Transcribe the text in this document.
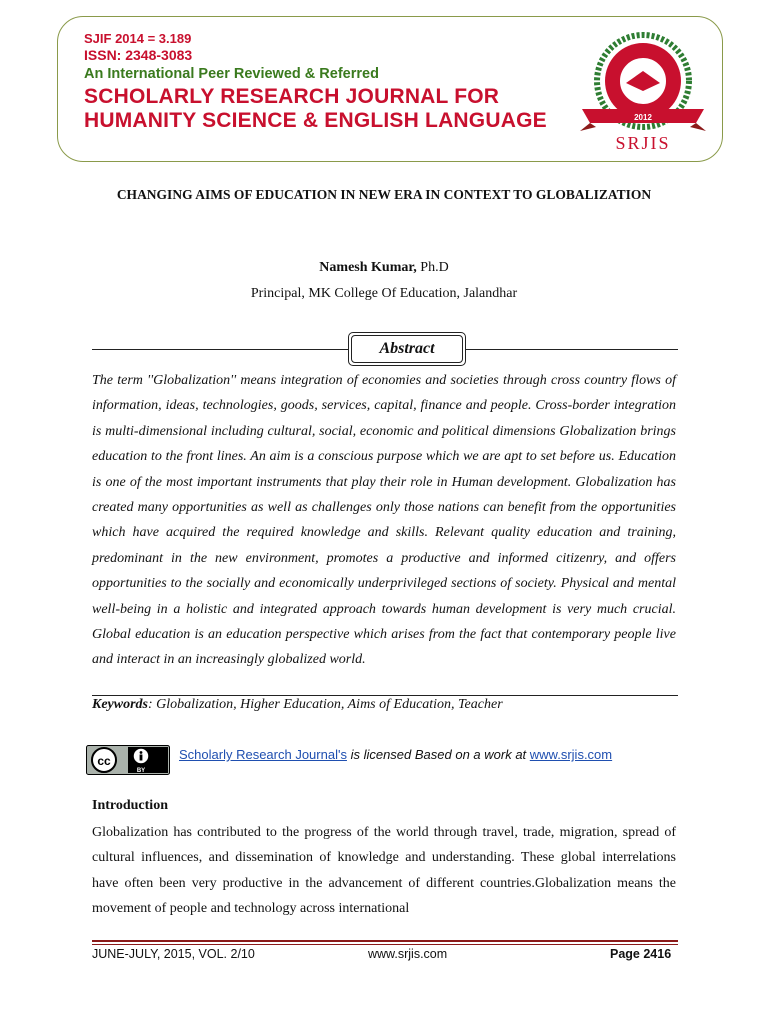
SJIF 2014 = 3.189
ISSN: 2348-3083
An International Peer Reviewed & Referred
SCHOLARLY RESEARCH JOURNAL FOR
HUMANITY SCIENCE & ENGLISH LANGUAGE	2012
SRJIS
CHANGING AIMS OF EDUCATION IN NEW ERA IN CONTEXT TO GLOBALIZATION
Namesh Kumar, Ph.D
Principal, MK College Of Education, Jalandhar
Abstract

The term ''Globalization'' means integration of economies and societies through cross country flows of information, ideas, technologies, goods, services, capital, finance and people. Cross-border integration is multi-dimensional including cultural, social, economic and political dimensions Globalization brings education to the front lines. An aim is a conscious purpose which we are apt to set before us. Education is one of the most important instruments that play their role in Human development. Globalization has created many opportunities as well as challenges only those nations can benefit from the opportunities which have acquired the required knowledge and skills. Relevant quality education and training, predominant in the new environment, promotes a productive and informed citizenry, and offers opportunities to the socially and economically underprivileged sections of society. Physical and mental well-being in a holistic and integrated approach towards human development is very much crucial. Global education is an education perspective which arises from the fact that contemporary people live and interact in an increasingly globalized world.

Keywords: Globalization, Higher Education, Aims of Education, Teacher
cc
BY
Scholarly Research Journal's is licensed Based on a work at www.srjis.com
Introduction

Globalization has contributed to the progress of the world through travel, trade, migration, spread of cultural influences, and dissemination of knowledge and understanding. These global interrelations have often been very productive in the advancement of different countries.Globalization means the movement of people and technology across international

JUNE-JULY, 2015, VOL. 2/10	www.srjis.com	Page 2416
